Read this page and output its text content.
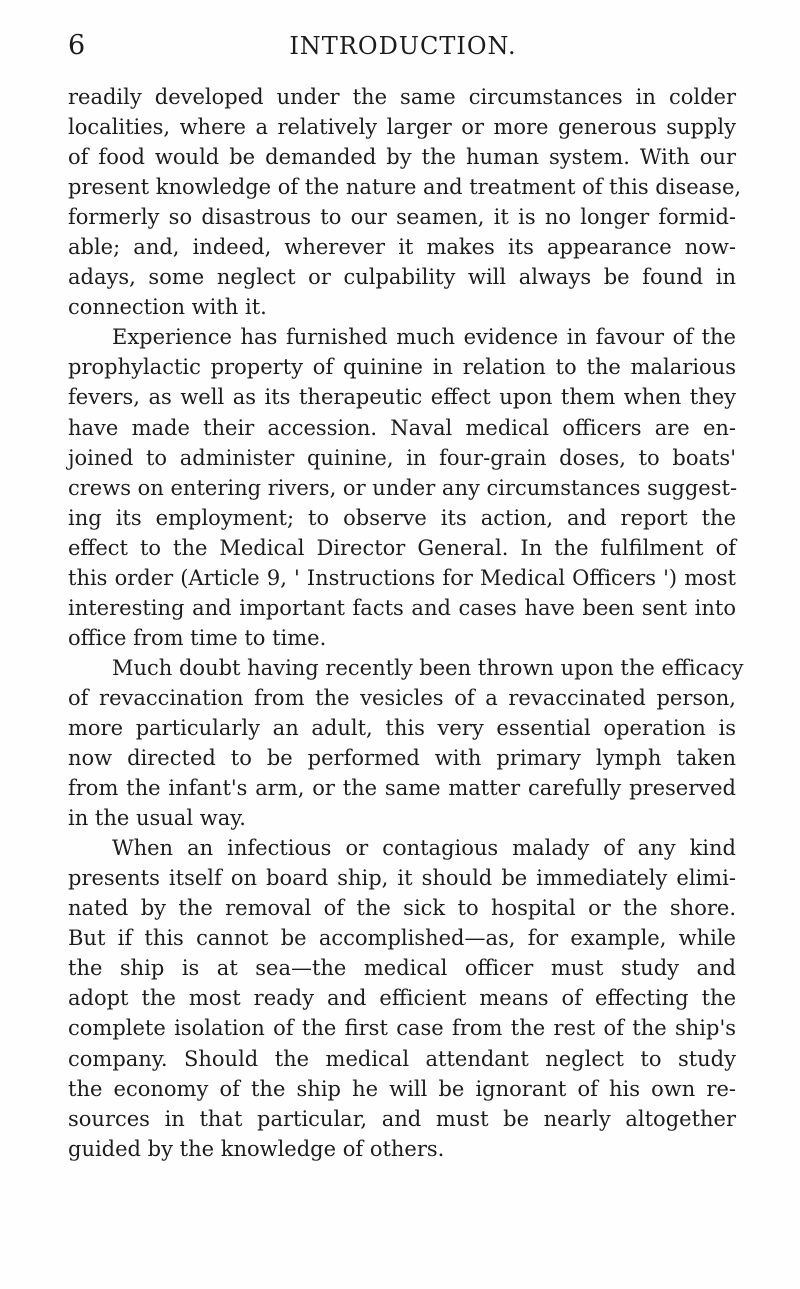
6	INTRODUCTION.
readily developed under the same circumstances in colder
localities, where a relatively larger or more generous supply
of food would be demanded by the human system. With our
present knowledge of the nature and treatment of this disease,
formerly so disastrous to our seamen, it is no longer formid-
able; and, indeed, wherever it makes its appearance now-
adays, some neglect or culpability will always be found in
connection with it.
Experience has furnished much evidence in favour of the
prophylactic property of quinine in relation to the malarious
fevers, as well as its therapeutic effect upon them when they
have made their accession. Naval medical officers are en-
joined to administer quinine, in four-grain doses, to boats'
crews on entering rivers, or under any circumstances suggest-
ing its employment; to observe its action, and report the
effect to the Medical Director General. In the fulfilment of
this order (Article 9, ' Instructions for Medical Officers ') most
interesting and important facts and cases have been sent into
office from time to time.
Much doubt having recently been thrown upon the efficacy
of revaccination from the vesicles of a revaccinated person,
more particularly an adult, this very essential operation is
now directed to be performed with primary lymph taken
from the infant's arm, or the same matter carefully preserved
in the usual way.
When an infectious or contagious malady of any kind
presents itself on board ship, it should be immediately elimi-
nated by the removal of the sick to hospital or the shore.
But if this cannot be accomplished—as, for example, while
the ship is at sea—the medical officer must study and
adopt the most ready and efficient means of effecting the
complete isolation of the first case from the rest of the ship's
company. Should the medical attendant neglect to study
the economy of the ship he will be ignorant of his own re-
sources in that particular, and must be nearly altogether
guided by the knowledge of others.
